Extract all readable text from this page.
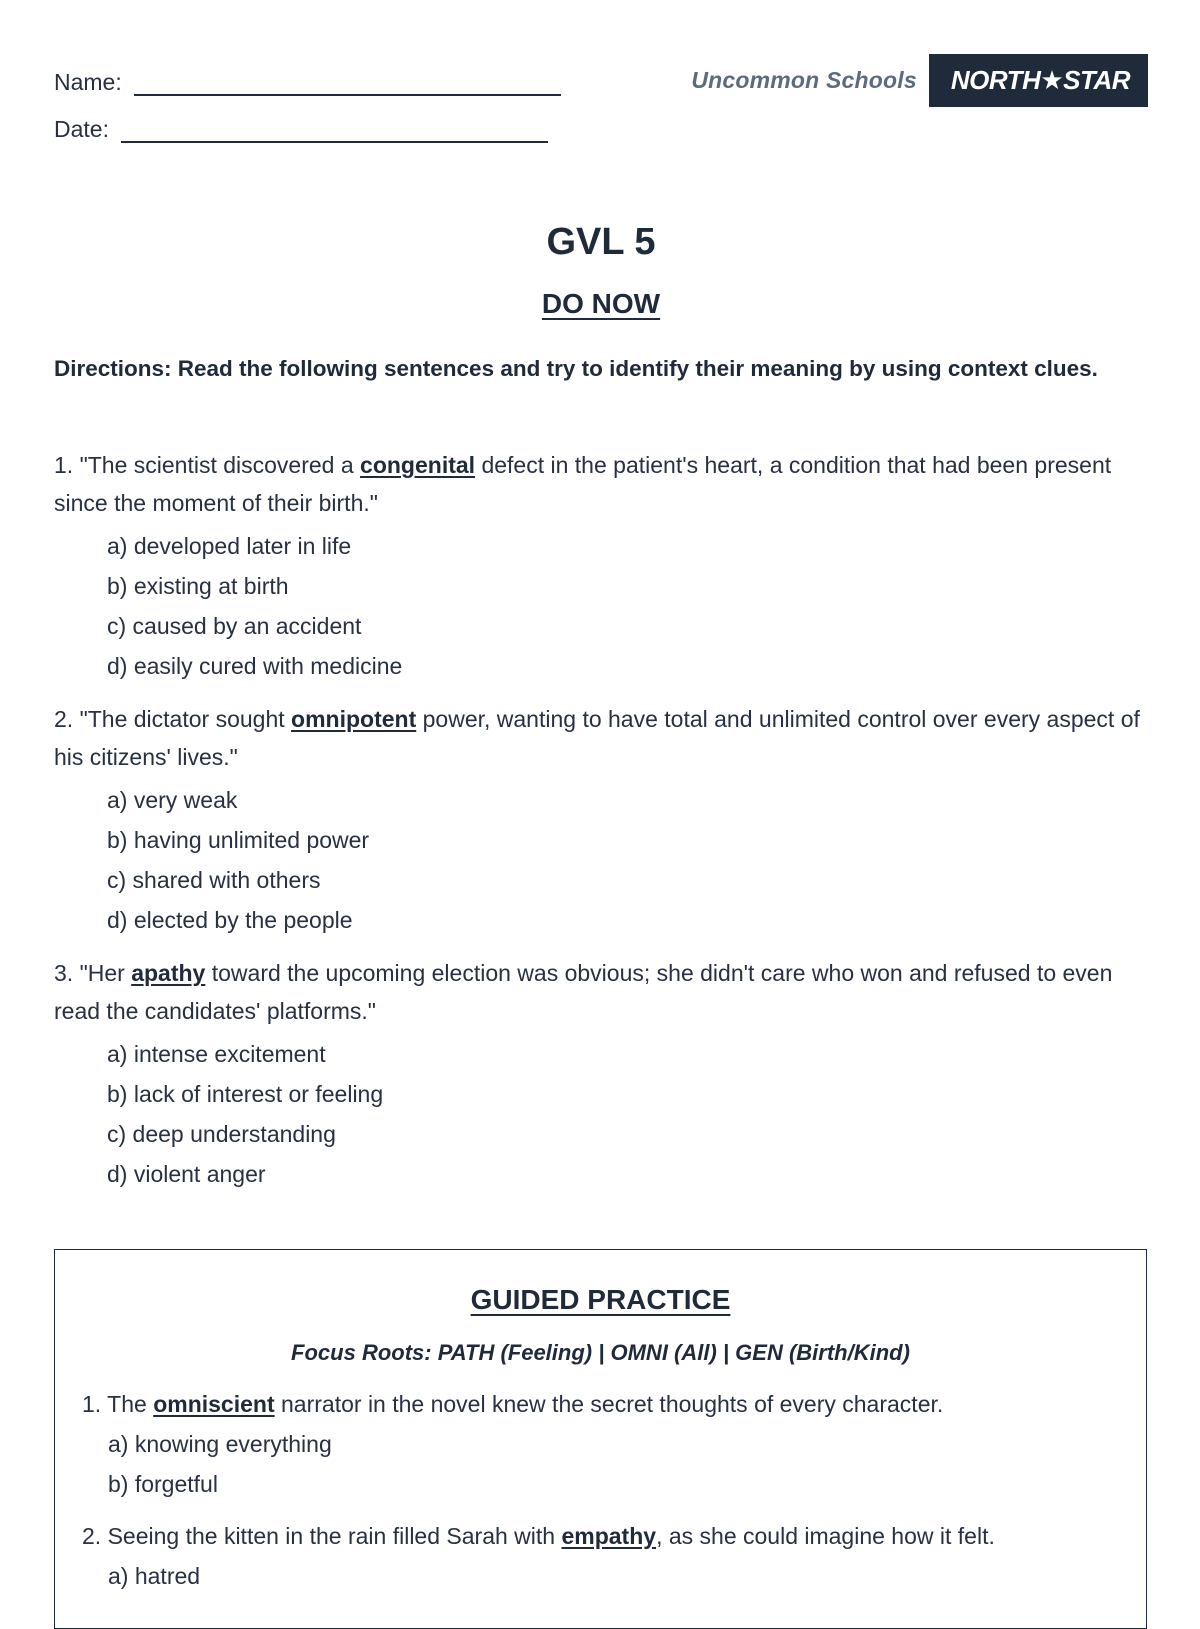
Name:
Date:
Uncommon Schools	NORTH★STAR
GVL 5
DO NOW
Directions: Read the following sentences and try to identify their meaning by using context clues.
1. "The scientist discovered a congenital defect in the patient's heart, a condition that had been present since the moment of their birth."
a) developed later in life
b) existing at birth
c) caused by an accident
d) easily cured with medicine
2. "The dictator sought omnipotent power, wanting to have total and unlimited control over every aspect of his citizens' lives."
a) very weak
b) having unlimited power
c) shared with others
d) elected by the people
3. "Her apathy toward the upcoming election was obvious; she didn't care who won and refused to even read the candidates' platforms."
a) intense excitement
b) lack of interest or feeling
c) deep understanding
d) violent anger
GUIDED PRACTICE
Focus Roots: PATH (Feeling) | OMNI (All) | GEN (Birth/Kind)
1. The omniscient narrator in the novel knew the secret thoughts of every character.
a) knowing everything
b) forgetful
2. Seeing the kitten in the rain filled Sarah with empathy, as she could imagine how it felt.
a) hatred
